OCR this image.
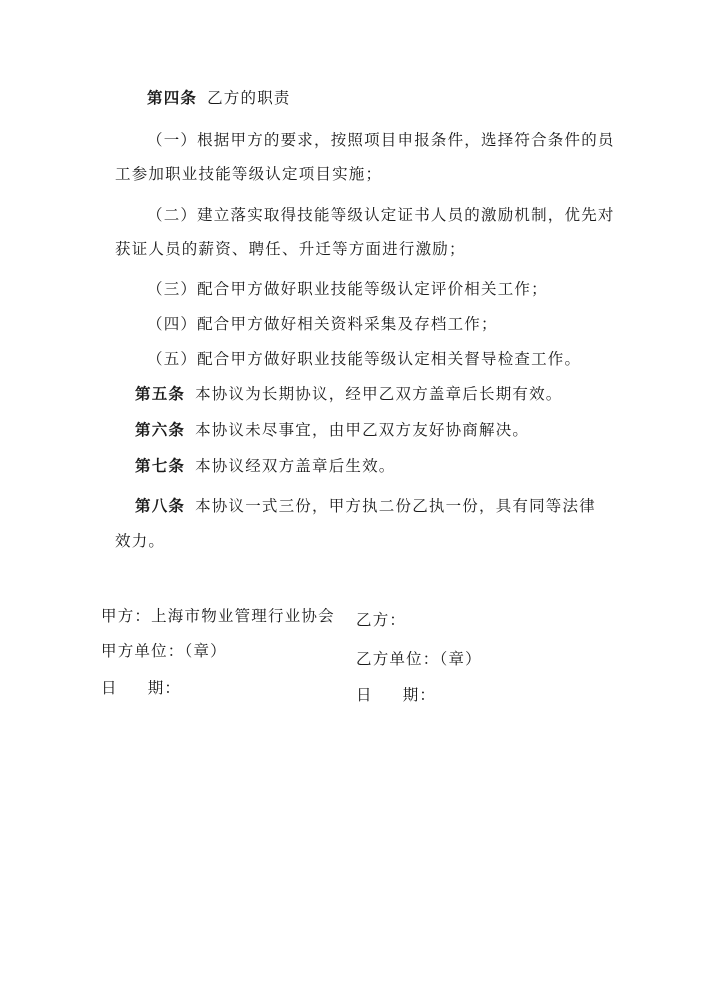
第四条 乙方的职责
（一）根据甲方的要求，按照项目申报条件，选择符合条件的员
工参加职业技能等级认定项目实施；
（二）建立落实取得技能等级认定证书人员的激励机制，优先对
获证人员的薪资、聘任、升迁等方面进行激励；
（三）配合甲方做好职业技能等级认定评价相关工作；
（四）配合甲方做好相关资料采集及存档工作；
（五）配合甲方做好职业技能等级认定相关督导检查工作。
第五条 本协议为长期协议，经甲乙双方盖章后长期有效。
第六条 本协议未尽事宜，由甲乙双方友好协商解决。
第七条 本协议经双方盖章后生效。
第八条 本协议一式三份，甲方执二份乙执一份，具有同等法律
效力。
甲方：上海市物业管理行业协会
甲方单位：（章）
日 期：
乙方：
乙方单位：（章）
日 期：
